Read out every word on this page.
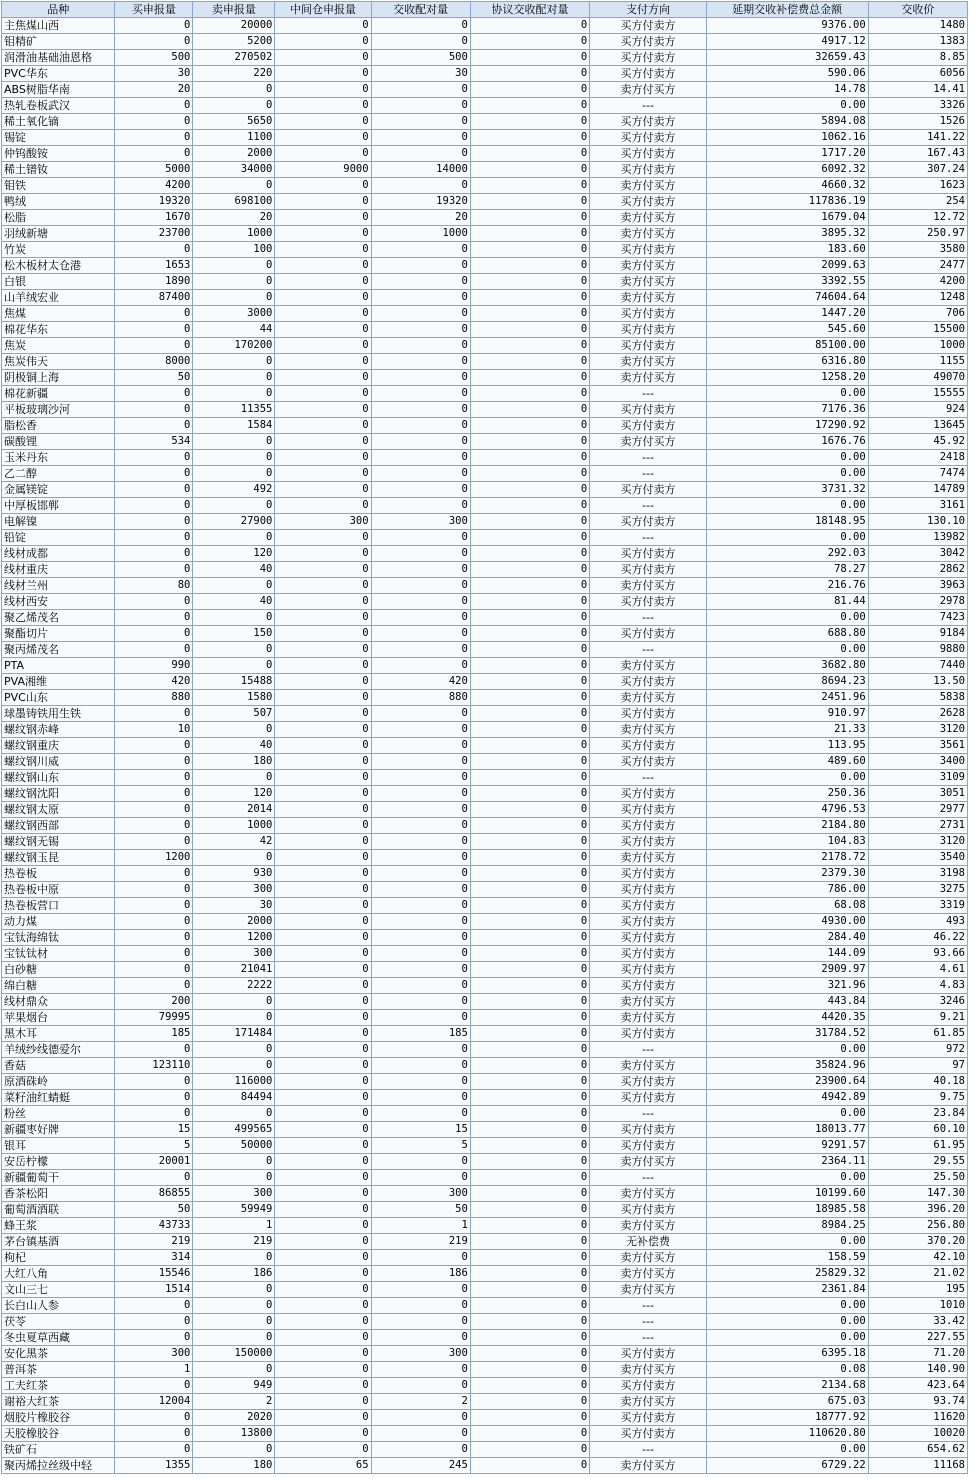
品种	买申报量	卖申报量	中间仓申报量	交收配对量	协议交收配对量	支付方向	延期交收补偿费总金额	交收价
主焦煤山西	0	20000	0	0	0	买方付卖方	9376.00	1480
钼精矿	0	5200	0	0	0	买方付卖方	4917.12	1383
润滑油基础油恩格	500	270502	0	500	0	买方付卖方	32659.43	8.85
PVC华东	30	220	0	30	0	买方付卖方	590.06	6056
ABS树脂华南	20	0	0	0	0	卖方付买方	14.78	14.41
热轧卷板武汉	0	0	0	0	0	---	0.00	3326
稀土氧化镝	0	5650	0	0	0	买方付卖方	5894.08	1526
锡锭	0	1100	0	0	0	买方付卖方	1062.16	141.22
仲钨酸铵	0	2000	0	0	0	买方付卖方	1717.20	167.43
稀土镨钕	5000	34000	9000	14000	0	买方付卖方	6092.32	307.24
钼铁	4200	0	0	0	0	卖方付买方	4660.32	1623
鸭绒	19320	698100	0	19320	0	买方付卖方	117836.19	254
松脂	1670	20	0	20	0	卖方付买方	1679.04	12.72
羽绒新塘	23700	1000	0	1000	0	卖方付买方	3895.32	250.97
竹炭	0	100	0	0	0	买方付卖方	183.60	3580
松木板材太仓港	1653	0	0	0	0	卖方付买方	2099.63	2477
白银	1890	0	0	0	0	卖方付买方	3392.55	4200
山羊绒宏业	87400	0	0	0	0	卖方付买方	74604.64	1248
焦煤	0	3000	0	0	0	买方付卖方	1447.20	706
棉花华东	0	44	0	0	0	买方付卖方	545.60	15500
焦炭	0	170200	0	0	0	买方付卖方	85100.00	1000
焦炭伟天	8000	0	0	0	0	卖方付买方	6316.80	1155
阴极铜上海	50	0	0	0	0	卖方付买方	1258.20	49070
棉花新疆	0	0	0	0	0	---	0.00	15555
平板玻璃沙河	0	11355	0	0	0	买方付卖方	7176.36	924
脂松香	0	1584	0	0	0	买方付卖方	17290.92	13645
碳酸锂	534	0	0	0	0	卖方付买方	1676.76	45.92
玉米丹东	0	0	0	0	0	---	0.00	2418
乙二醇	0	0	0	0	0	---	0.00	7474
金属镁锭	0	492	0	0	0	买方付卖方	3731.32	14789
中厚板邯郸	0	0	0	0	0	---	0.00	3161
电解镍	0	27900	300	300	0	买方付卖方	18148.95	130.10
铅锭	0	0	0	0	0	---	0.00	13982
线材成都	0	120	0	0	0	买方付卖方	292.03	3042
线材重庆	0	40	0	0	0	买方付卖方	78.27	2862
线材兰州	80	0	0	0	0	卖方付买方	216.76	3963
线材西安	0	40	0	0	0	买方付卖方	81.44	2978
聚乙烯茂名	0	0	0	0	0	---	0.00	7423
聚酯切片	0	150	0	0	0	买方付卖方	688.80	9184
聚丙烯茂名	0	0	0	0	0	---	0.00	9880
PTA	990	0	0	0	0	卖方付买方	3682.80	7440
PVA湘维	420	15488	0	420	0	买方付卖方	8694.23	13.50
PVC山东	880	1580	0	880	0	卖方付买方	2451.96	5838
球墨铸铁用生铁	0	507	0	0	0	买方付卖方	910.97	2628
螺纹钢赤峰	10	0	0	0	0	卖方付买方	21.33	3120
螺纹钢重庆	0	40	0	0	0	买方付卖方	113.95	3561
螺纹钢川威	0	180	0	0	0	买方付卖方	489.60	3400
螺纹钢山东	0	0	0	0	0	---	0.00	3109
螺纹钢沈阳	0	120	0	0	0	买方付卖方	250.36	3051
螺纹钢太原	0	2014	0	0	0	买方付卖方	4796.53	2977
螺纹钢西部	0	1000	0	0	0	买方付卖方	2184.80	2731
螺纹钢无锡	0	42	0	0	0	买方付卖方	104.83	3120
螺纹钢玉昆	1200	0	0	0	0	卖方付买方	2178.72	3540
热卷板	0	930	0	0	0	买方付卖方	2379.30	3198
热卷板中原	0	300	0	0	0	买方付卖方	786.00	3275
热卷板营口	0	30	0	0	0	买方付卖方	68.08	3319
动力煤	0	2000	0	0	0	买方付卖方	4930.00	493
宝钛海绵钛	0	1200	0	0	0	买方付卖方	284.40	46.22
宝钛钛材	0	300	0	0	0	买方付卖方	144.09	93.66
白砂糖	0	21041	0	0	0	买方付卖方	2909.97	4.61
绵白糖	0	2222	0	0	0	买方付卖方	321.96	4.83
线材鼎众	200	0	0	0	0	卖方付买方	443.84	3246
苹果烟台	79995	0	0	0	0	卖方付买方	4420.35	9.21
黑木耳	185	171484	0	185	0	买方付卖方	31784.52	61.85
羊绒纱线德爱尔	0	0	0	0	0	---	0.00	972
香菇	123110	0	0	0	0	卖方付买方	35824.96	97
原酒硃岭	0	116000	0	0	0	买方付卖方	23900.64	40.18
菜籽油红蜻蜓	0	84494	0	0	0	买方付卖方	4942.89	9.75
粉丝	0	0	0	0	0	---	0.00	23.84
新疆枣好牌	15	499565	0	15	0	买方付卖方	18013.77	60.10
银耳	5	50000	0	5	0	买方付卖方	9291.57	61.95
安岳柠檬	20001	0	0	0	0	卖方付买方	2364.11	29.55
新疆葡萄干	0	0	0	0	0	---	0.00	25.50
香茶松阳	86855	300	0	300	0	卖方付买方	10199.60	147.30
葡萄酒酒联	50	59949	0	50	0	买方付卖方	18985.58	396.20
蜂王浆	43733	1	0	1	0	卖方付买方	8984.25	256.80
茅台镇基酒	219	219	0	219	0	无补偿费	0.00	370.20
枸杞	314	0	0	0	0	卖方付买方	158.59	42.10
大红八角	15546	186	0	186	0	卖方付买方	25829.32	21.02
文山三七	1514	0	0	0	0	卖方付买方	2361.84	195
长白山人参	0	0	0	0	0	---	0.00	1010
茯苓	0	0	0	0	0	---	0.00	33.42
冬虫夏草西藏	0	0	0	0	0	---	0.00	227.55
安化黑茶	300	150000	0	300	0	买方付卖方	6395.18	71.20
普洱茶	1	0	0	0	0	卖方付买方	0.08	140.90
工夫红茶	0	949	0	0	0	买方付卖方	2134.68	423.64
谢裕大红茶	12004	2	0	2	0	卖方付买方	675.03	93.74
烟胶片橡胶谷	0	2020	0	0	0	买方付卖方	18777.92	11620
天胶橡胶谷	0	13800	0	0	0	买方付卖方	110620.80	10020
铁矿石	0	0	0	0	0	---	0.00	654.62
聚丙烯拉丝级中轻	1355	180	65	245	0	卖方付买方	6729.22	11168
